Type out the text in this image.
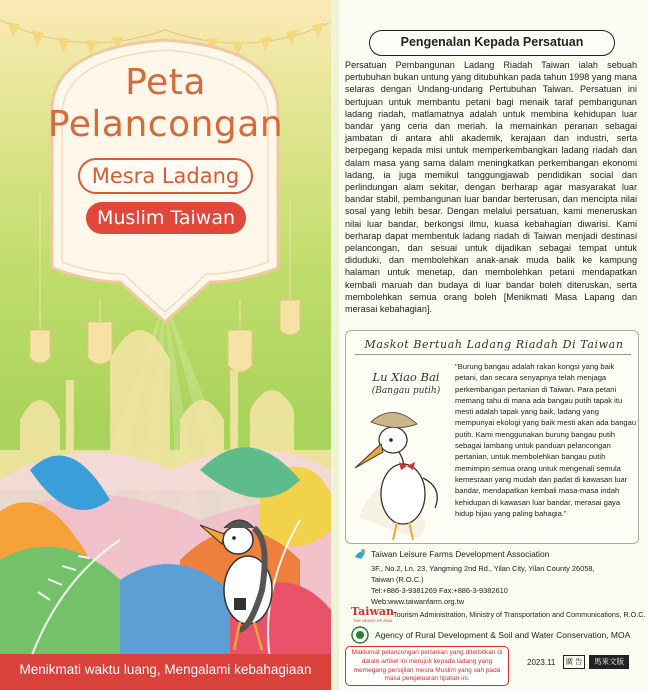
Peta
Pelancongan
Mesra Ladang
Muslim Taiwan
Menikmati waktu luang, Mengalami kebahagiaan
Pengenalan Kepada Persatuan
Persatuan Pembangunan Ladang Riadah Taiwan ialah sebuah pertubuhan bukan untung yang ditubuhkan pada tahun 1998 yang mana selaras dengan Undang-undang Pertubuhan Taiwan. Persatuan ini bertujuan untuk membantu petani bagi menaik taraf pembangunan ladang riadah, matlamatnya adalah untuk membina kehidupan luar bandar yang ceria dan meriah. Ia memainkan peranan sebagai jambatan di antara ahli akademik, kerajaan dan industri, serta berpegang kepada misi untuk memperkembangkan ladang riadah dan dalam masa yang sama dalam meningkatkan perkembangan ekonomi ladang, ia juga memikul tanggungjawab pendidikan social dan perlindungan alam sekitar, dengan berharap agar masyarakat luar bandar stabil, pembangunan luar bandar berterusan, dan mencipta nilai sosal yang lebih besar. Dengan melalui persatuan, kami meneruskan nilai luar bandar, berkongsi ilmu, kuasa kebahagian diwarisi. Kami berharap dapat membentuk ladang riadah di Taiwan menjadi destinasi pelancongan, dan sesuai untuk dijadikan sebagai tempat untuk diduduki, dan membolehkan anak-anak muda balik ke kampung halaman untuk menetap, dan membolehkan petani mendapatkan kembali maruah dan budaya di luar bandar boleh diteruskan, serta membolehkan semua orang boleh [Menikmati Masa Lapang dan merasai kebahagian].
Maskot Bertuah Ladang Riadah Di Taiwan
Lu Xiao Bai
(Bangau putih)
"Burung bangau adalah rakan kongsi yang baik petani, dan secara senyapnya telah menjaga perkembangan pertanian di Taiwan. Para petani memang tahu di mana ada bangau putih tapak itu mesti adalah tapak yang baik, ladang yang mempunyai ekologi yang baik mesti akan ada bangau putih. Kami menggunakan burung bangau putih sebagai lambang untuk panduan pelancongan pertanian, untuk membolehkan bangau putih memimpin semua orang untuk mengenali semula kemesraan yang mudah dan padat di kawasan luar bandar, mendapatkan kembali masa-masa indah kehidupan di kawasan luar bandar, merasai gaya hidup hijau yang paling bahagia."
Taiwan Leisure Farms Development Association
3F., No.2, Ln. 23, Yangming 2nd Rd., Yilan City, Yilan County 26058,
Taiwan (R.O.C.)
Tel:+886-3-9381269 Fax:+886-3-9382610
Web:www.taiwanfarm.org.tw
Taiwan
THE HEART OF ASIA
Tourism Administration, Ministry of Transportation and Communications, R.O.C.
Agency of Rural Development & Soil and Water Conservation, MOA
Maklumat pelancongan pertanian yang diterbitkan di dalam artikel ini merujuk kepada ladang yang memegang persijilan mesra Muslim yang sah pada masa pengeluaran lipatan ini.
2023.11	廣 告	馬來文版
